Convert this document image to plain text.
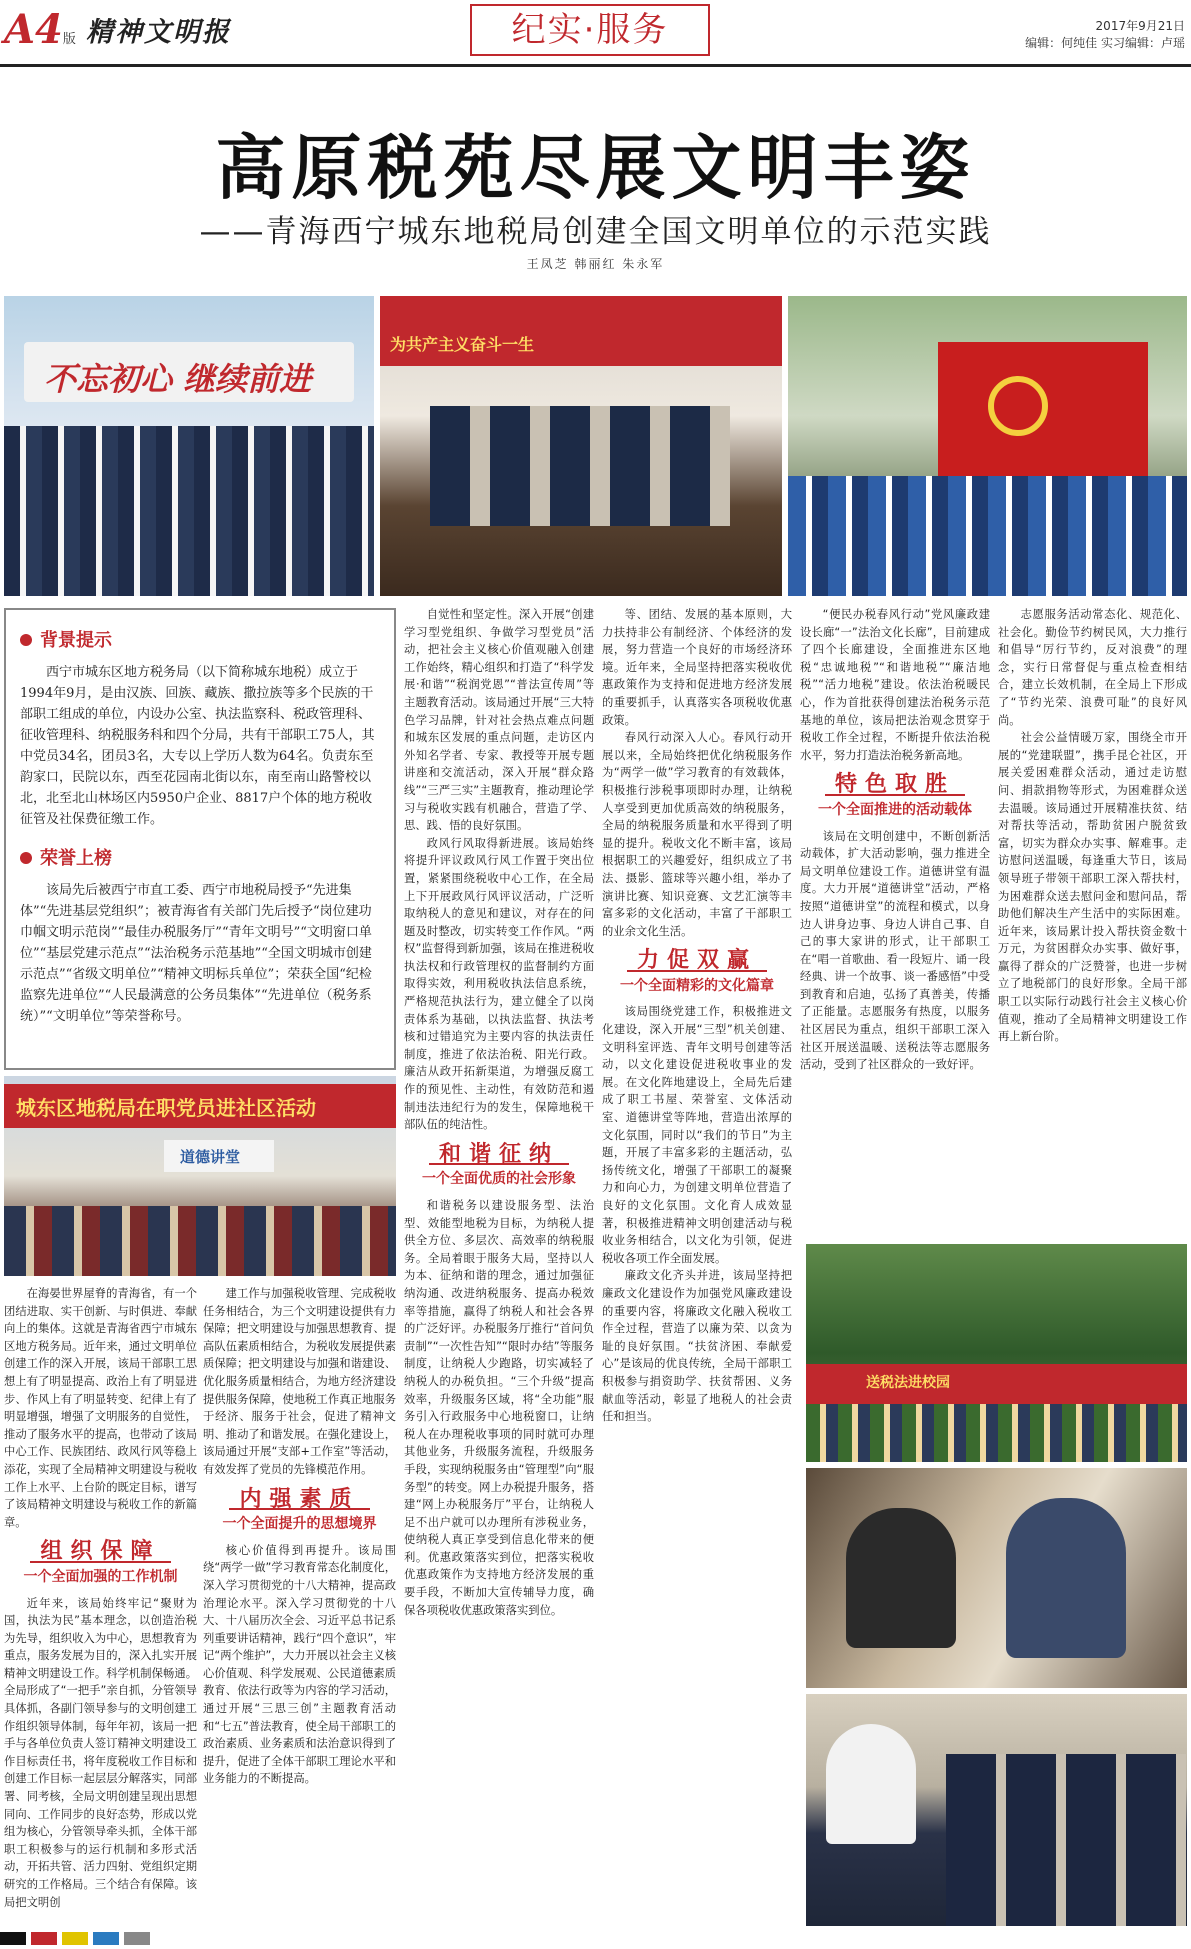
A4版 精神文明报	纪实·服务	2017年9月21日
编辑：何纯佳 实习编辑：卢瑶
高原税苑尽展文明丰姿
——青海西宁城东地税局创建全国文明单位的示范实践
王凤芝 韩丽红 朱永军
不忘初心 继续前进
为共产主义奋斗一生
背景提示

西宁市城东区地方税务局（以下简称城东地税）成立于1994年9月，是由汉族、回族、藏族、撒拉族等多个民族的干部职工组成的单位，内设办公室、执法监察科、税政管理科、征收管理科、纳税服务科和四个分局，共有干部职工75人，其中党员34名，团员3名，大专以上学历人数为64名。负责东至韵家口，民院以东，西至花园南北街以东，南至南山路警校以北，北至北山林场区内5950户企业、8817户个体的地方税收征管及社保费征缴工作。

荣誉上榜

该局先后被西宁市直工委、西宁市地税局授予“先进集体”“先进基层党组织”；被青海省有关部门先后授予“岗位建功巾帼文明示范岗”“最佳办税服务厅”“青年文明号”“文明窗口单位”“基层党建示范点”“法治税务示范基地”“全国文明城市创建示范点”“省级文明单位”“精神文明标兵单位”；荣获全国“纪检监察先进单位”“人民最满意的公务员集体”“先进单位（税务系统）”“文明单位”等荣誉称号。

城东区地税局在职党员进社区活动
道德讲堂

在海晏世界屋脊的青海省，有一个团结进取、实干创新、与时俱进、奉献向上的集体。这就是青海省西宁市城东区地方税务局。近年来，通过文明单位创建工作的深入开展，该局干部职工思想上有了明显提高、政治上有了明显进步、作风上有了明显转变、纪律上有了明显增强，增强了文明服务的自觉性，推动了服务水平的提高，也带动了该局中心工作、民族团结、政风行风等稳上添花，实现了全局精神文明建设与税收工作上水平、上台阶的既定目标，谱写了该局精神文明建设与税收工作的新篇章。

组织保障
一个全面加强的工作机制

近年来，该局始终牢记“聚财为国，执法为民”基本理念，以创造治税为先导，组织收入为中心，思想教育为重点，服务发展为目的，深入扎实开展精神文明建设工作。科学机制保畅通。全局形成了“一把手”亲自抓，分管领导具体抓，各副门领导参与的文明创建工作组织领导体制，每年年初，该局一把手与各单位负责人签订精神文明建设工作目标责任书，将年度税收工作目标和创建工作目标一起层层分解落实，同部署、同考核，全局文明创建呈现出思想同向、工作同步的良好态势，形成以党组为核心，分管领导牵头抓，全体干部职工积极参与的运行机制和多形式活动，开拓共管、活力四射、党组织定期研究的工作格局。三个结合有保障。该局把文明创

建工作与加强税收管理、完成税收任务相结合，为三个文明建设提供有力保障；把文明建设与加强思想教育、提高队伍素质相结合，为税收发展提供素质保障；把文明建设与加强和谐建设、优化服务质量相结合，为地方经济建设提供服务保障，使地税工作真正地服务于经济、服务于社会，促进了精神文明、推动了和谐发展。在强化建设上，该局通过开展“支部+工作室”等活动，有效发挥了党员的先锋模范作用。

内强素质
一个全面提升的思想境界

核心价值得到再提升。该局围绕“两学一做”学习教育常态化制度化，深入学习贯彻党的十八大精神，提高政治理论水平。深入学习贯彻党的十八大、十八届历次全会、习近平总书记系列重要讲话精神，践行“四个意识”，牢记“两个维护”，大力开展以社会主义核心价值观、科学发展观、公民道德素质教育、依法行政等为内容的学习活动，通过开展“三思三创”主题教育活动和“七五”普法教育，使全局干部职工的政治素质、业务素质和法治意识得到了提升，促进了全体干部职工理论水平和业务能力的不断提高。

自觉性和坚定性。深入开展“创建学习型党组织、争做学习型党员”活动，把社会主义核心价值观融入创建工作始终，精心组织和打造了“科学发展·和谐”“税润党恩”“普法宣传周”等主题教育活动。该局通过开展“三大特色学习品牌，针对社会热点难点问题和城东区发展的重点问题，走访区内外知名学者、专家、教授等开展专题讲座和交流活动，深入开展“群众路线”“三严三实”主题教育，推动理论学习与税收实践有机融合，营造了学、思、践、悟的良好氛围。

政风行风取得新进展。该局始终将提升评议政风行风工作置于突出位置，紧紧围绕税收中心工作，在全局上下开展政风行风评议活动，广泛听取纳税人的意见和建议，对存在的问题及时整改，切实转变工作作风。“两权”监督得到新加强，该局在推进税收执法权和行政管理权的监督制约方面取得实效，利用税收执法信息系统，严格规范执法行为，建立健全了以岗责体系为基础，以执法监督、执法考核和过错追究为主要内容的执法责任制度，推进了依法治税、阳光行政。廉洁从政开拓新渠道，为增强反腐工作的预见性、主动性，有效防范和遏制违法违纪行为的发生，保障地税干部队伍的纯洁性。

和谐征纳
一个全面优质的社会形象

和谐税务以建设服务型、法治型、效能型地税为目标，为纳税人提供全方位、多层次、高效率的纳税服务。全局着眼于服务大局，坚持以人为本、征纳和谐的理念，通过加强征纳沟通、改进纳税服务、提高办税效率等措施，赢得了纳税人和社会各界的广泛好评。办税服务厅推行“首问负责制”“一次性告知”“限时办结”等服务制度，让纳税人少跑路，切实减轻了纳税人的办税负担。“三个升级”提高效率，升级服务区域，将“全功能”服务引入行政服务中心地税窗口，让纳税人在办理税收事项的同时就可办理其他业务，升级服务流程，升级服务手段，实现纳税服务由“管理型”向“服务型”的转变。网上办税提升服务，搭建“网上办税服务厅”平台，让纳税人足不出户就可以办理所有涉税业务，使纳税人真正享受到信息化带来的便利。优惠政策落实到位，把落实税收优惠政策作为支持地方经济发展的重要手段，不断加大宣传辅导力度，确保各项税收优惠政策落实到位。

等、团结、发展的基本原则，大力扶持非公有制经济、个体经济的发展，努力营造一个良好的市场经济环境。近年来，全局坚持把落实税收优惠政策作为支持和促进地方经济发展的重要抓手，认真落实各项税收优惠政策。

春风行动深入人心。春风行动开展以来，全局始终把优化纳税服务作为“两学一做”学习教育的有效载体，积极推行涉税事项即时办理，让纳税人享受到更加优质高效的纳税服务，全局的纳税服务质量和水平得到了明显的提升。税收文化不断丰富，该局根据职工的兴趣爱好，组织成立了书法、摄影、篮球等兴趣小组，举办了演讲比赛、知识竞赛、文艺汇演等丰富多彩的文化活动，丰富了干部职工的业余文化生活。

力促双赢
一个全面精彩的文化篇章

该局围绕党建工作，积极推进文化建设，深入开展“三型”机关创建、文明科室评选、青年文明号创建等活动，以文化建设促进税收事业的发展。在文化阵地建设上，全局先后建成了职工书屋、荣誉室、文体活动室、道德讲堂等阵地，营造出浓厚的文化氛围，同时以“我们的节日”为主题，开展了丰富多彩的主题活动，弘扬传统文化，增强了干部职工的凝聚力和向心力，为创建文明单位营造了良好的文化氛围。文化育人成效显著，积极推进精神文明创建活动与税收业务相结合，以文化为引领，促进税收各项工作全面发展。

廉政文化齐头并进，该局坚持把廉政文化建设作为加强党风廉政建设的重要内容，将廉政文化融入税收工作全过程，营造了以廉为荣、以贪为耻的良好氛围。“扶贫济困、奉献爱心”是该局的优良传统，全局干部职工积极参与捐资助学、扶贫帮困、义务献血等活动，彰显了地税人的社会责任和担当。

“便民办税春风行动”党风廉政建设长廊“一”法治文化长廊”，目前建成了四个长廊建设，全面推进东区地税“忠诚地税”“和谐地税”“廉洁地税”“活力地税”建设。依法治税暖民心，作为首批获得创建法治税务示范基地的单位，该局把法治观念贯穿于税收工作全过程，不断提升依法治税水平，努力打造法治税务新高地。

特色取胜
一个全面推进的活动载体

该局在文明创建中，不断创新活动载体，扩大活动影响，强力推进全局文明单位建设工作。道德讲堂有温度。大力开展“道德讲堂”活动，严格按照“道德讲堂”的流程和模式，以身边人讲身边事、身边人讲自己事、自己的事大家讲的形式，让干部职工在“唱一首歌曲、看一段短片、诵一段经典、讲一个故事、谈一番感悟”中受到教育和启迪，弘扬了真善美，传播了正能量。志愿服务有热度，以服务社区居民为重点，组织干部职工深入社区开展送温暖、送税法等志愿服务活动，受到了社区群众的一致好评。

志愿服务活动常态化、规范化、社会化。勤俭节约树民风，大力推行和倡导“厉行节约，反对浪费”的理念，实行日常督促与重点检查相结合，建立长效机制，在全局上下形成了“节约光荣、浪费可耻”的良好风尚。

社会公益情暖万家，围绕全市开展的“党建联盟”，携手昆仑社区，开展关爱困难群众活动，通过走访慰问、捐款捐物等形式，为困难群众送去温暖。该局通过开展精准扶贫、结对帮扶等活动，帮助贫困户脱贫致富，切实为群众办实事、解难事。走访慰问送温暖，每逢重大节日，该局领导班子带领干部职工深入帮扶村，为困难群众送去慰问金和慰问品，帮助他们解决生产生活中的实际困难。近年来，该局累计投入帮扶资金数十万元，为贫困群众办实事、做好事，赢得了群众的广泛赞誉，也进一步树立了地税部门的良好形象。全局干部职工以实际行动践行社会主义核心价值观，推动了全局精神文明建设工作再上新台阶。

送税法进校园
